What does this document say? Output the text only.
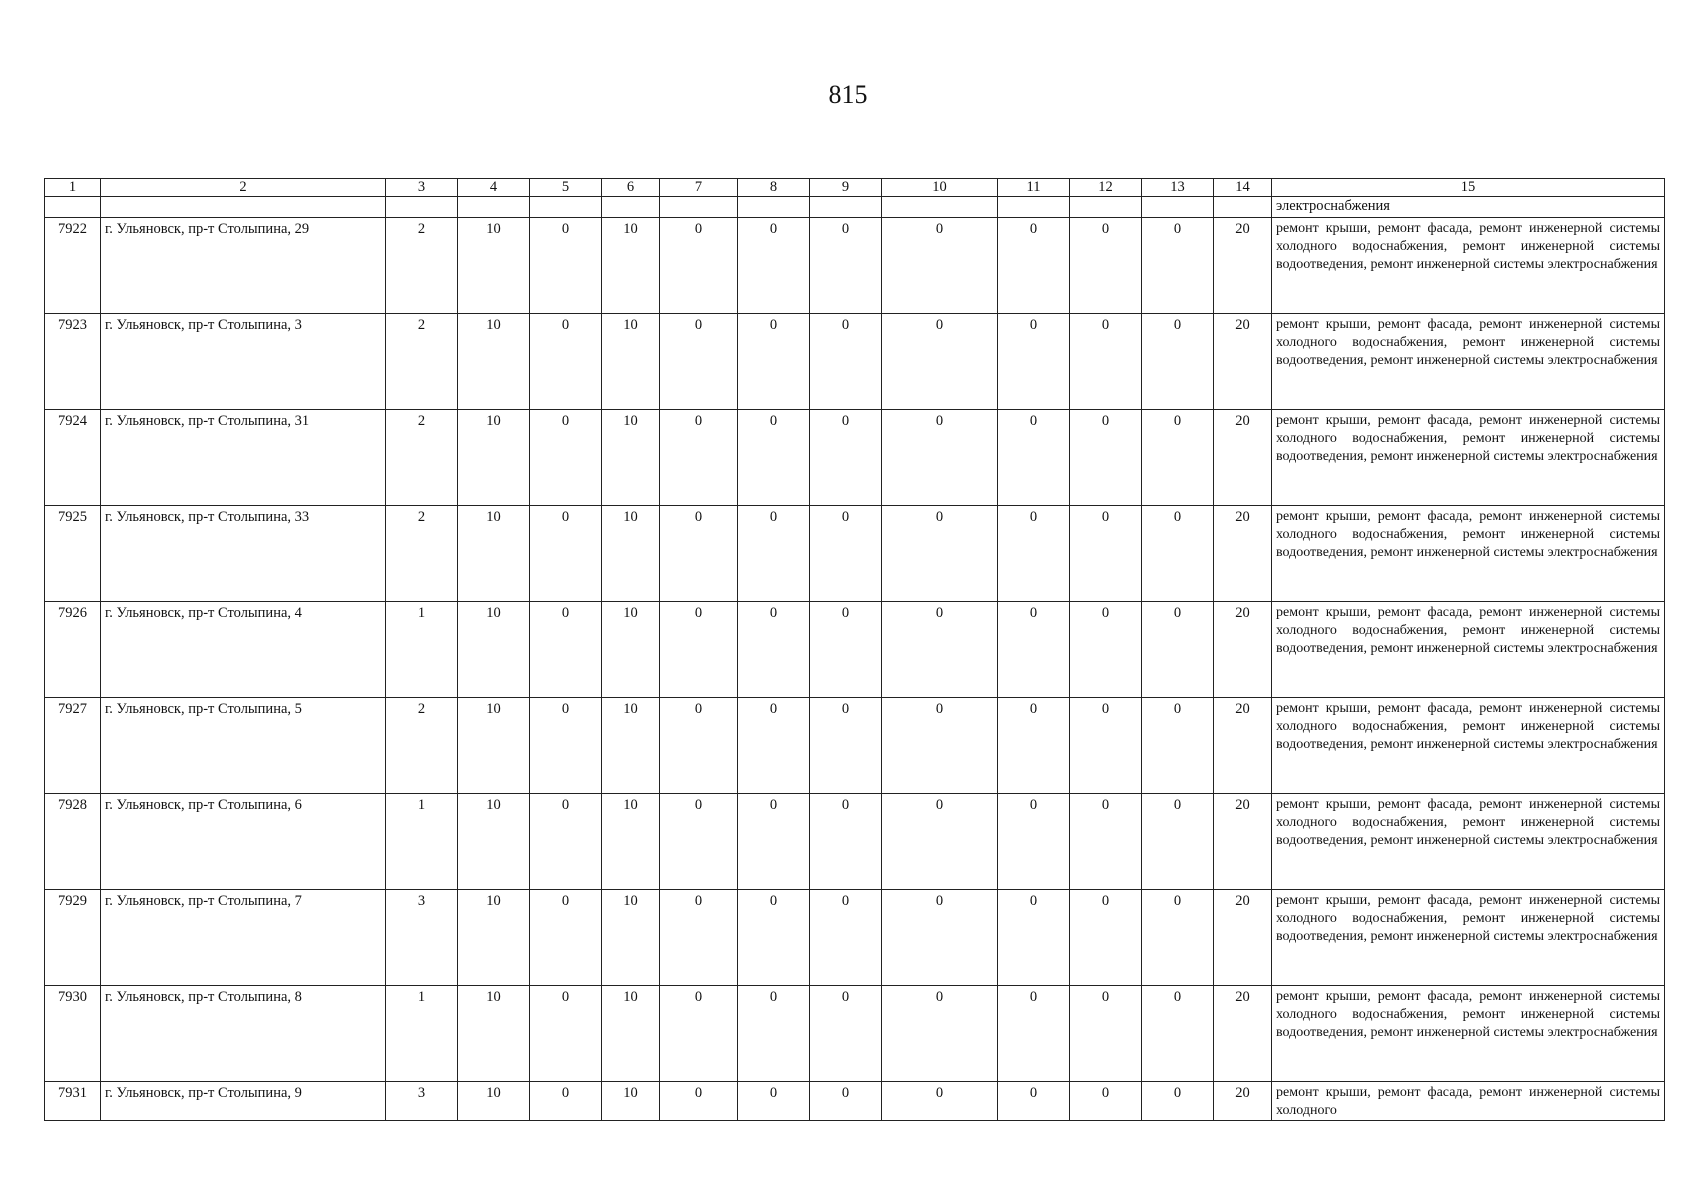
815
1	2	3	4	5	6	7	8	9	10	11	12	13	14	15
														электроснабжения
7922	г. Ульяновск, пр-т Столыпина, 29	2	10	0	10	0	0	0	0	0	0	0	20	ремонт крыши, ремонт фасада, ремонт инженерной системы холодного водоснабжения, ремонт инженерной системы водоотведения, ремонт инженерной системы электроснабжения
7923	г. Ульяновск, пр-т Столыпина, 3	2	10	0	10	0	0	0	0	0	0	0	20	ремонт крыши, ремонт фасада, ремонт инженерной системы холодного водоснабжения, ремонт инженерной системы водоотведения, ремонт инженерной системы электроснабжения
7924	г. Ульяновск, пр-т Столыпина, 31	2	10	0	10	0	0	0	0	0	0	0	20	ремонт крыши, ремонт фасада, ремонт инженерной системы холодного водоснабжения, ремонт инженерной системы водоотведения, ремонт инженерной системы электроснабжения
7925	г. Ульяновск, пр-т Столыпина, 33	2	10	0	10	0	0	0	0	0	0	0	20	ремонт крыши, ремонт фасада, ремонт инженерной системы холодного водоснабжения, ремонт инженерной системы водоотведения, ремонт инженерной системы электроснабжения
7926	г. Ульяновск, пр-т Столыпина, 4	1	10	0	10	0	0	0	0	0	0	0	20	ремонт крыши, ремонт фасада, ремонт инженерной системы холодного водоснабжения, ремонт инженерной системы водоотведения, ремонт инженерной системы электроснабжения
7927	г. Ульяновск, пр-т Столыпина, 5	2	10	0	10	0	0	0	0	0	0	0	20	ремонт крыши, ремонт фасада, ремонт инженерной системы холодного водоснабжения, ремонт инженерной системы водоотведения, ремонт инженерной системы электроснабжения
7928	г. Ульяновск, пр-т Столыпина, 6	1	10	0	10	0	0	0	0	0	0	0	20	ремонт крыши, ремонт фасада, ремонт инженерной системы холодного водоснабжения, ремонт инженерной системы водоотведения, ремонт инженерной системы электроснабжения
7929	г. Ульяновск, пр-т Столыпина, 7	3	10	0	10	0	0	0	0	0	0	0	20	ремонт крыши, ремонт фасада, ремонт инженерной системы холодного водоснабжения, ремонт инженерной системы водоотведения, ремонт инженерной системы электроснабжения
7930	г. Ульяновск, пр-т Столыпина, 8	1	10	0	10	0	0	0	0	0	0	0	20	ремонт крыши, ремонт фасада, ремонт инженерной системы холодного водоснабжения, ремонт инженерной системы водоотведения, ремонт инженерной системы электроснабжения
7931	г. Ульяновск, пр-т Столыпина, 9	3	10	0	10	0	0	0	0	0	0	0	20	ремонт крыши, ремонт фасада, ремонт инженерной системы холодного
